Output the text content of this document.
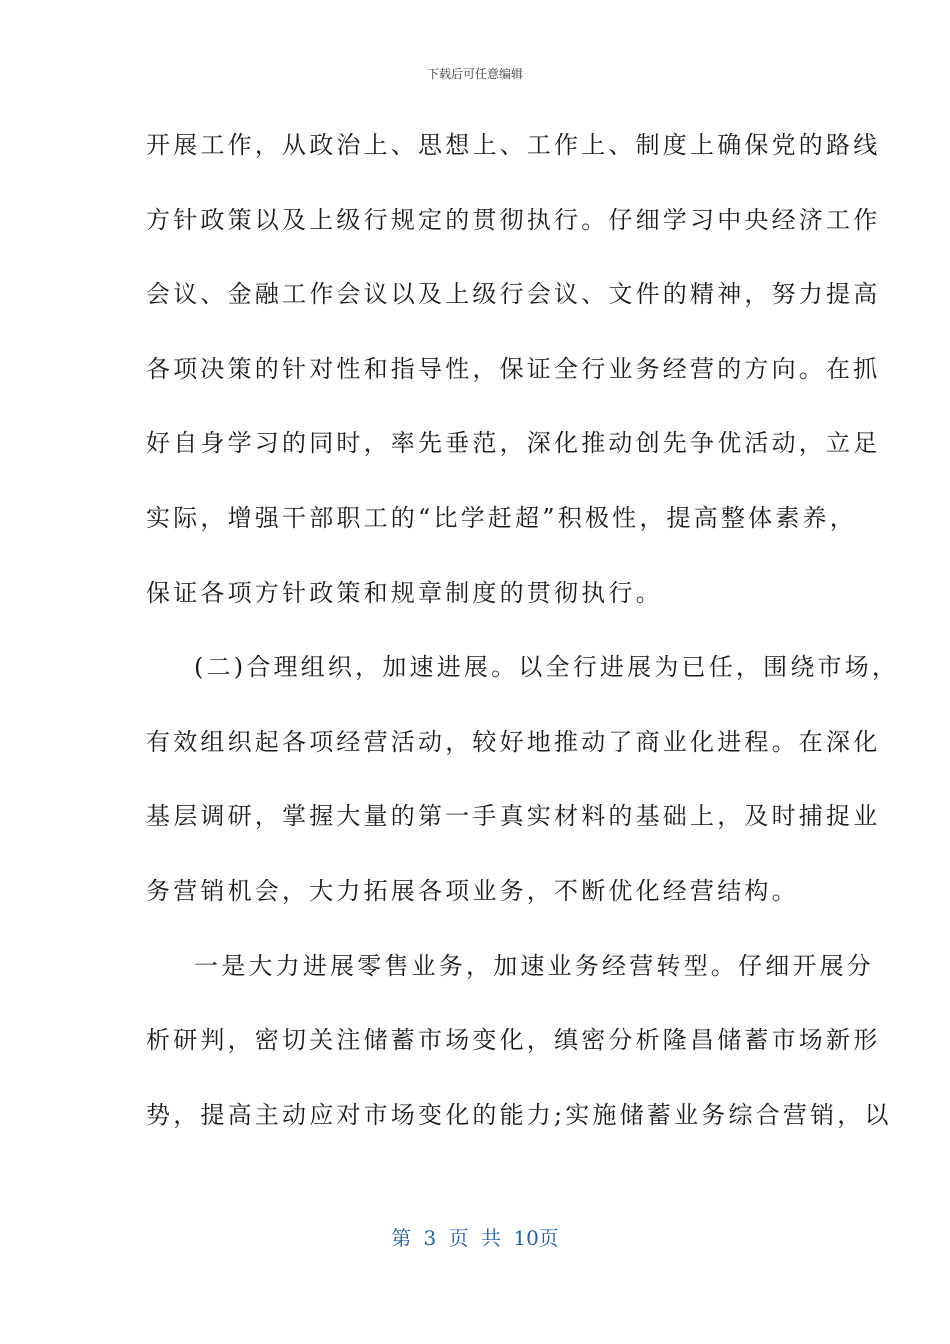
下载后可任意编辑
开展工作，从政治上、思想上、工作上、制度上确保党的路线
方针政策以及上级行规定的贯彻执行。仔细学习中央经济工作
会议、金融工作会议以及上级行会议、文件的精神，努力提高
各项决策的针对性和指导性，保证全行业务经营的方向。在抓
好自身学习的同时，率先垂范，深化推动创先争优活动，立足
实际，增强干部职工的“比学赶超”积极性，提高整体素养，
保证各项方针政策和规章制度的贯彻执行。
(二)合理组织，加速进展。以全行进展为已任，围绕市场，
有效组织起各项经营活动，较好地推动了商业化进程。在深化
基层调研，掌握大量的第一手真实材料的基础上，及时捕捉业
务营销机会，大力拓展各项业务，不断优化经营结构。
一是大力进展零售业务，加速业务经营转型。仔细开展分
析研判，密切关注储蓄市场变化，缜密分析隆昌储蓄市场新形
势，提高主动应对市场变化的能力;实施储蓄业务综合营销，以
第 3 页 共 10页
